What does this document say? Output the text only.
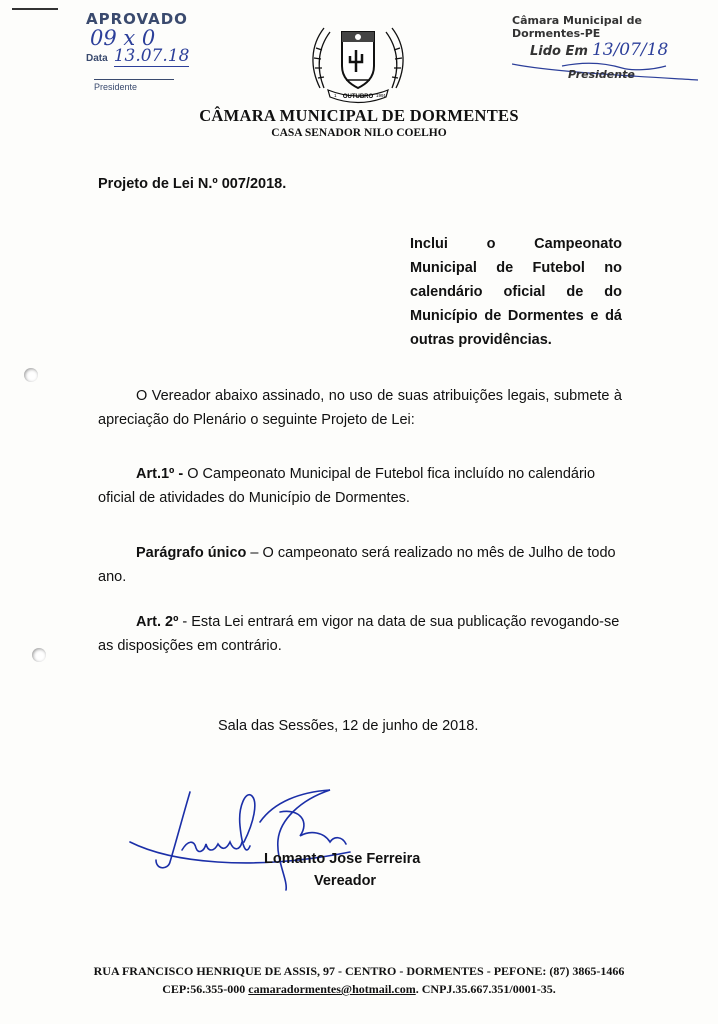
APROVADO
09 x 0
Data 13.07.18
Presidente
OUTUBRO
1	1991
Câmara Municipal de Dormentes-PE
Lido Em 13/07/18
Presidente
CÂMARA MUNICIPAL DE DORMENTES
CASA SENADOR NILO COELHO
Projeto de Lei N.º 007/2018.
Inclui o Campeonato
Municipal de Futebol no
calendário oficial de do
Município de Dormentes e dá
outras providências.
O Vereador abaixo assinado, no uso de suas atribuições legais, submete à apreciação do Plenário o seguinte Projeto de Lei:
Art.1º - O Campeonato Municipal de Futebol fica incluído no calendário oficial de atividades do Município de Dormentes.
Parágrafo único – O campeonato será realizado no mês de Julho de todo ano.
Art. 2º - Esta Lei entrará em vigor na data de sua publicação revogando-se as disposições em contrário.
Sala das Sessões, 12 de junho de 2018.
Lomanto Jose Ferreira
Vereador
RUA FRANCISCO HENRIQUE DE ASSIS, 97 - CENTRO - DORMENTES - PEFONE: (87) 3865-1466
CEP:56.355-000 camaradormentes@hotmail.com. CNPJ.35.667.351/0001-35.
